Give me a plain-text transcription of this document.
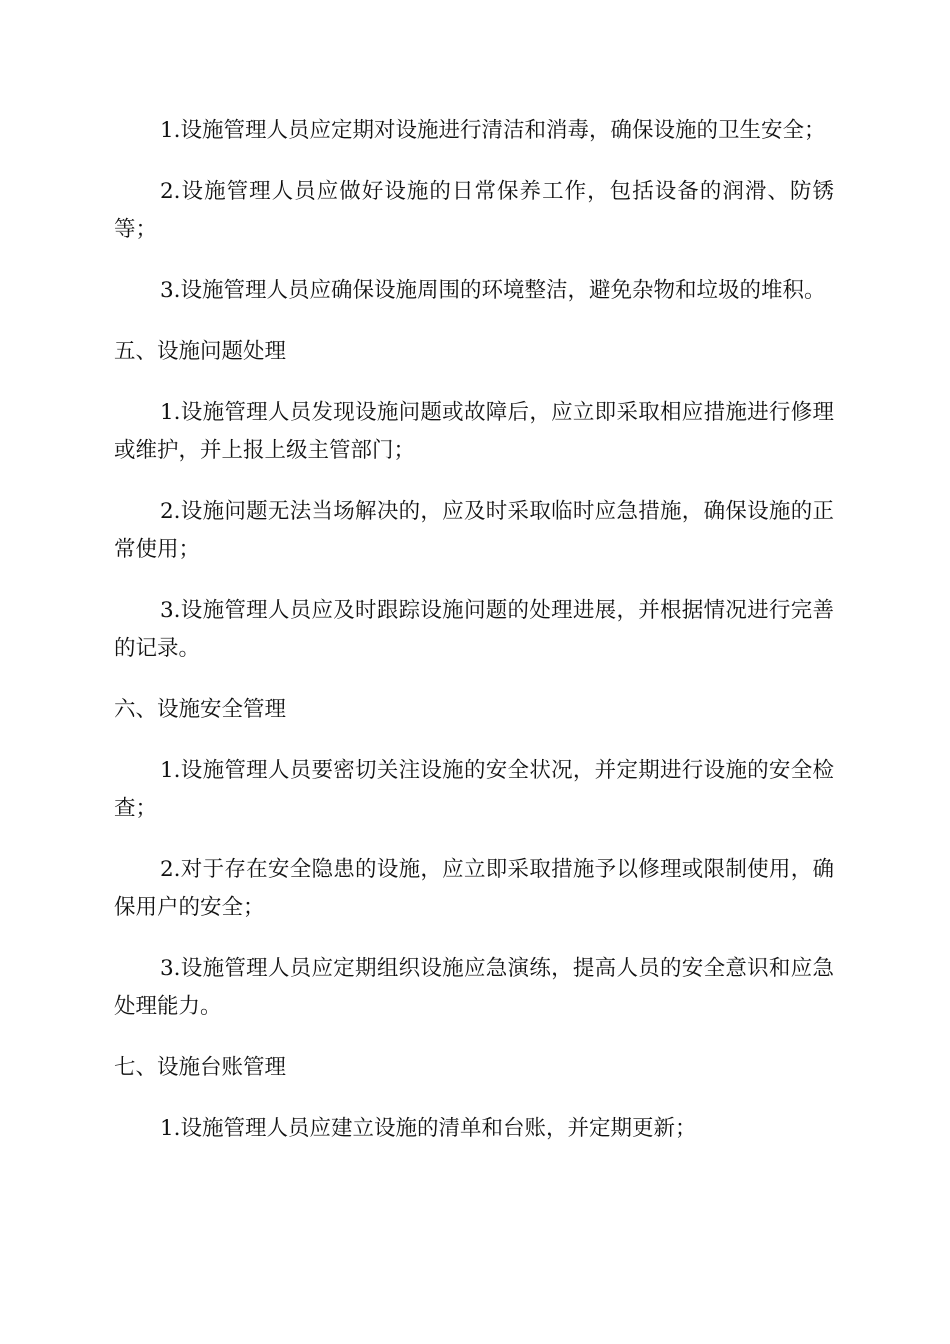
1.设施管理人员应定期对设施进行清洁和消毒，确保设施的卫生安全；

2.设施管理人员应做好设施的日常保养工作，包括设备的润滑、防锈等；

3.设施管理人员应确保设施周围的环境整洁，避免杂物和垃圾的堆积。

五、设施问题处理

1.设施管理人员发现设施问题或故障后，应立即采取相应措施进行修理或维护，并上报上级主管部门；

2.设施问题无法当场解决的，应及时采取临时应急措施，确保设施的正常使用；

3.设施管理人员应及时跟踪设施问题的处理进展，并根据情况进行完善的记录。

六、设施安全管理

1.设施管理人员要密切关注设施的安全状况，并定期进行设施的安全检查；

2.对于存在安全隐患的设施，应立即采取措施予以修理或限制使用，确保用户的安全；

3.设施管理人员应定期组织设施应急演练，提高人员的安全意识和应急处理能力。

七、设施台账管理

1.设施管理人员应建立设施的清单和台账，并定期更新；
